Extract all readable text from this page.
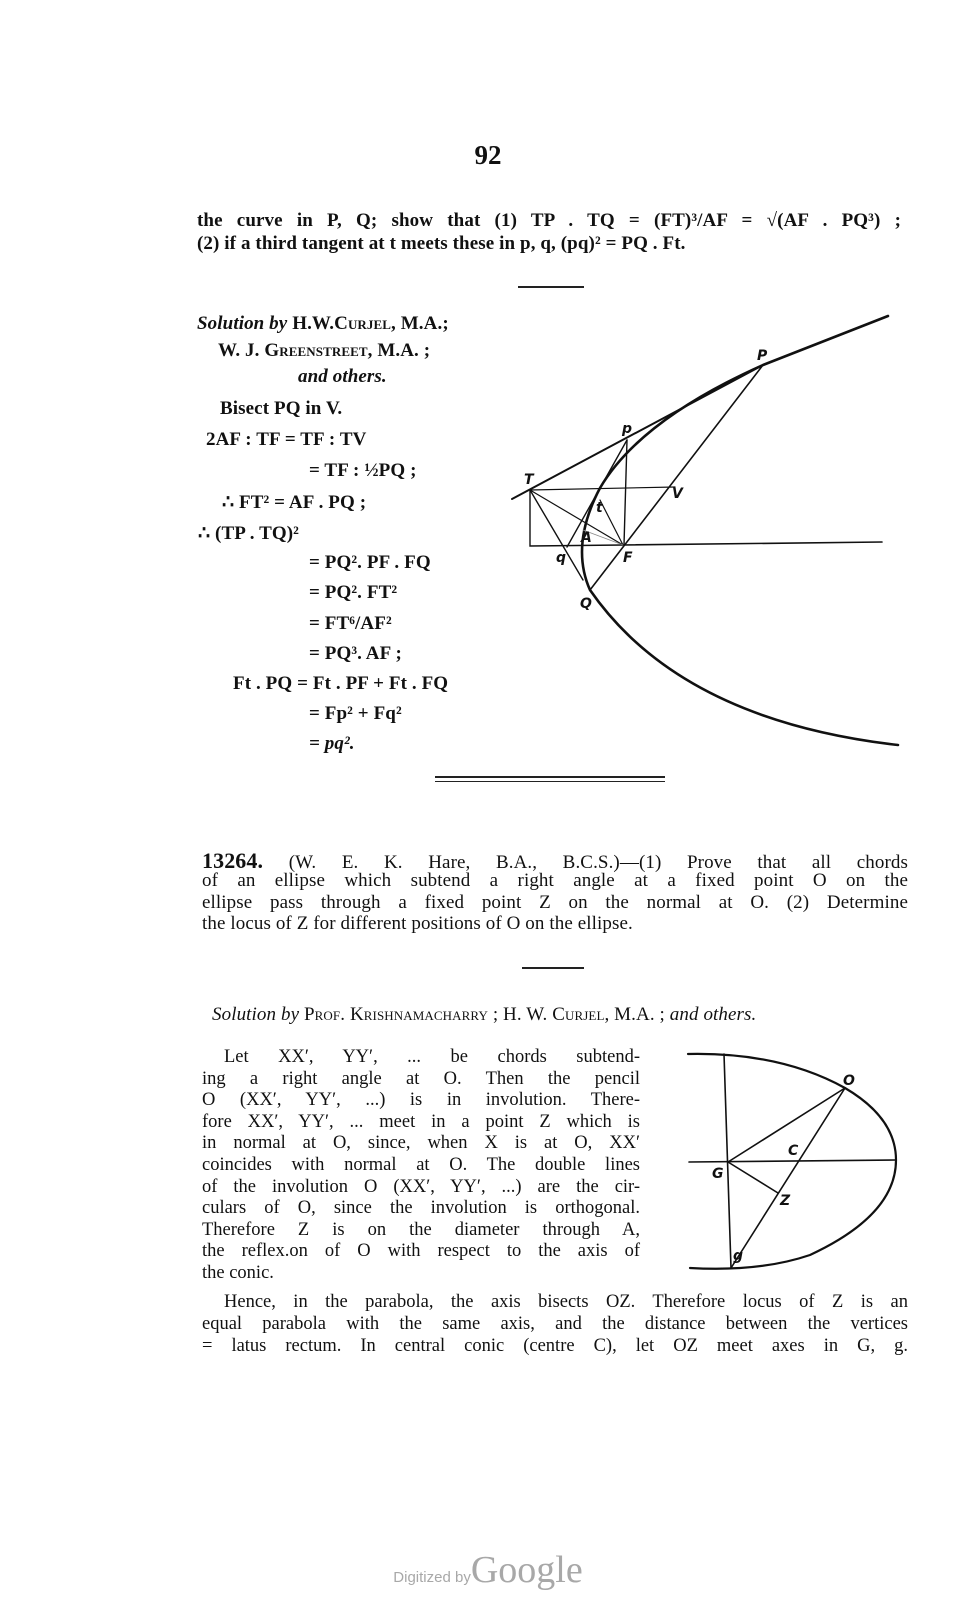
92
the curve in P, Q; show that (1) TP . TQ = (FT)³/AF = √(AF . PQ³) ;
(2) if a third tangent at t meets these in p, q, (pq)² = PQ . Ft.
Solution by H.W.Curjel, M.A.;
W. J. Greenstreet, M.A. ;
and others.
Bisect PQ in V.
2AF : TF = TF : TV
= TF : ½PQ ;
∴ FT² = AF . PQ ;
∴ (TP . TQ)²
= PQ². PF . FQ
= PQ². FT²
= FT⁶/AF²
= PQ³. AF ;
Ft . PQ = Ft . PF + Ft . FQ
= Fp² + Fq²
= pq².
P
p
T
t
V
A
q	F
Q
13264. (W. E. K. Hare, B.A., B.C.S.)—(1) Prove that all chords
of an ellipse which subtend a right angle at a fixed point O on the
ellipse pass through a fixed point Z on the normal at O. (2) Determine
the locus of Z for different positions of O on the ellipse.
Solution by Prof. Krishnamacharry ; H. W. Curjel, M.A. ; and others.
Let XX′, YY′, ... be chords subtend-
ing a right angle at O. Then the pencil
O (XX′, YY′, ...) is in involution. There-
fore XX′, YY′, ... meet in a point Z which is
in normal at O, since, when X is at O, XX′
coincides with normal at O. The double lines
of the involution O (XX′, YY′, ...) are the cir-
culars of O, since the involution is orthogonal.
Therefore Z is on the diameter through A,
the reflex.on of O with respect to the axis of
the conic.
O
C
G
Z
g
Hence, in the parabola, the axis bisects OZ. Therefore locus of Z is an
equal parabola with the same axis, and the distance between the vertices
= latus rectum. In central conic (centre C), let OZ meet axes in G, g.
Digitized byGoogle
